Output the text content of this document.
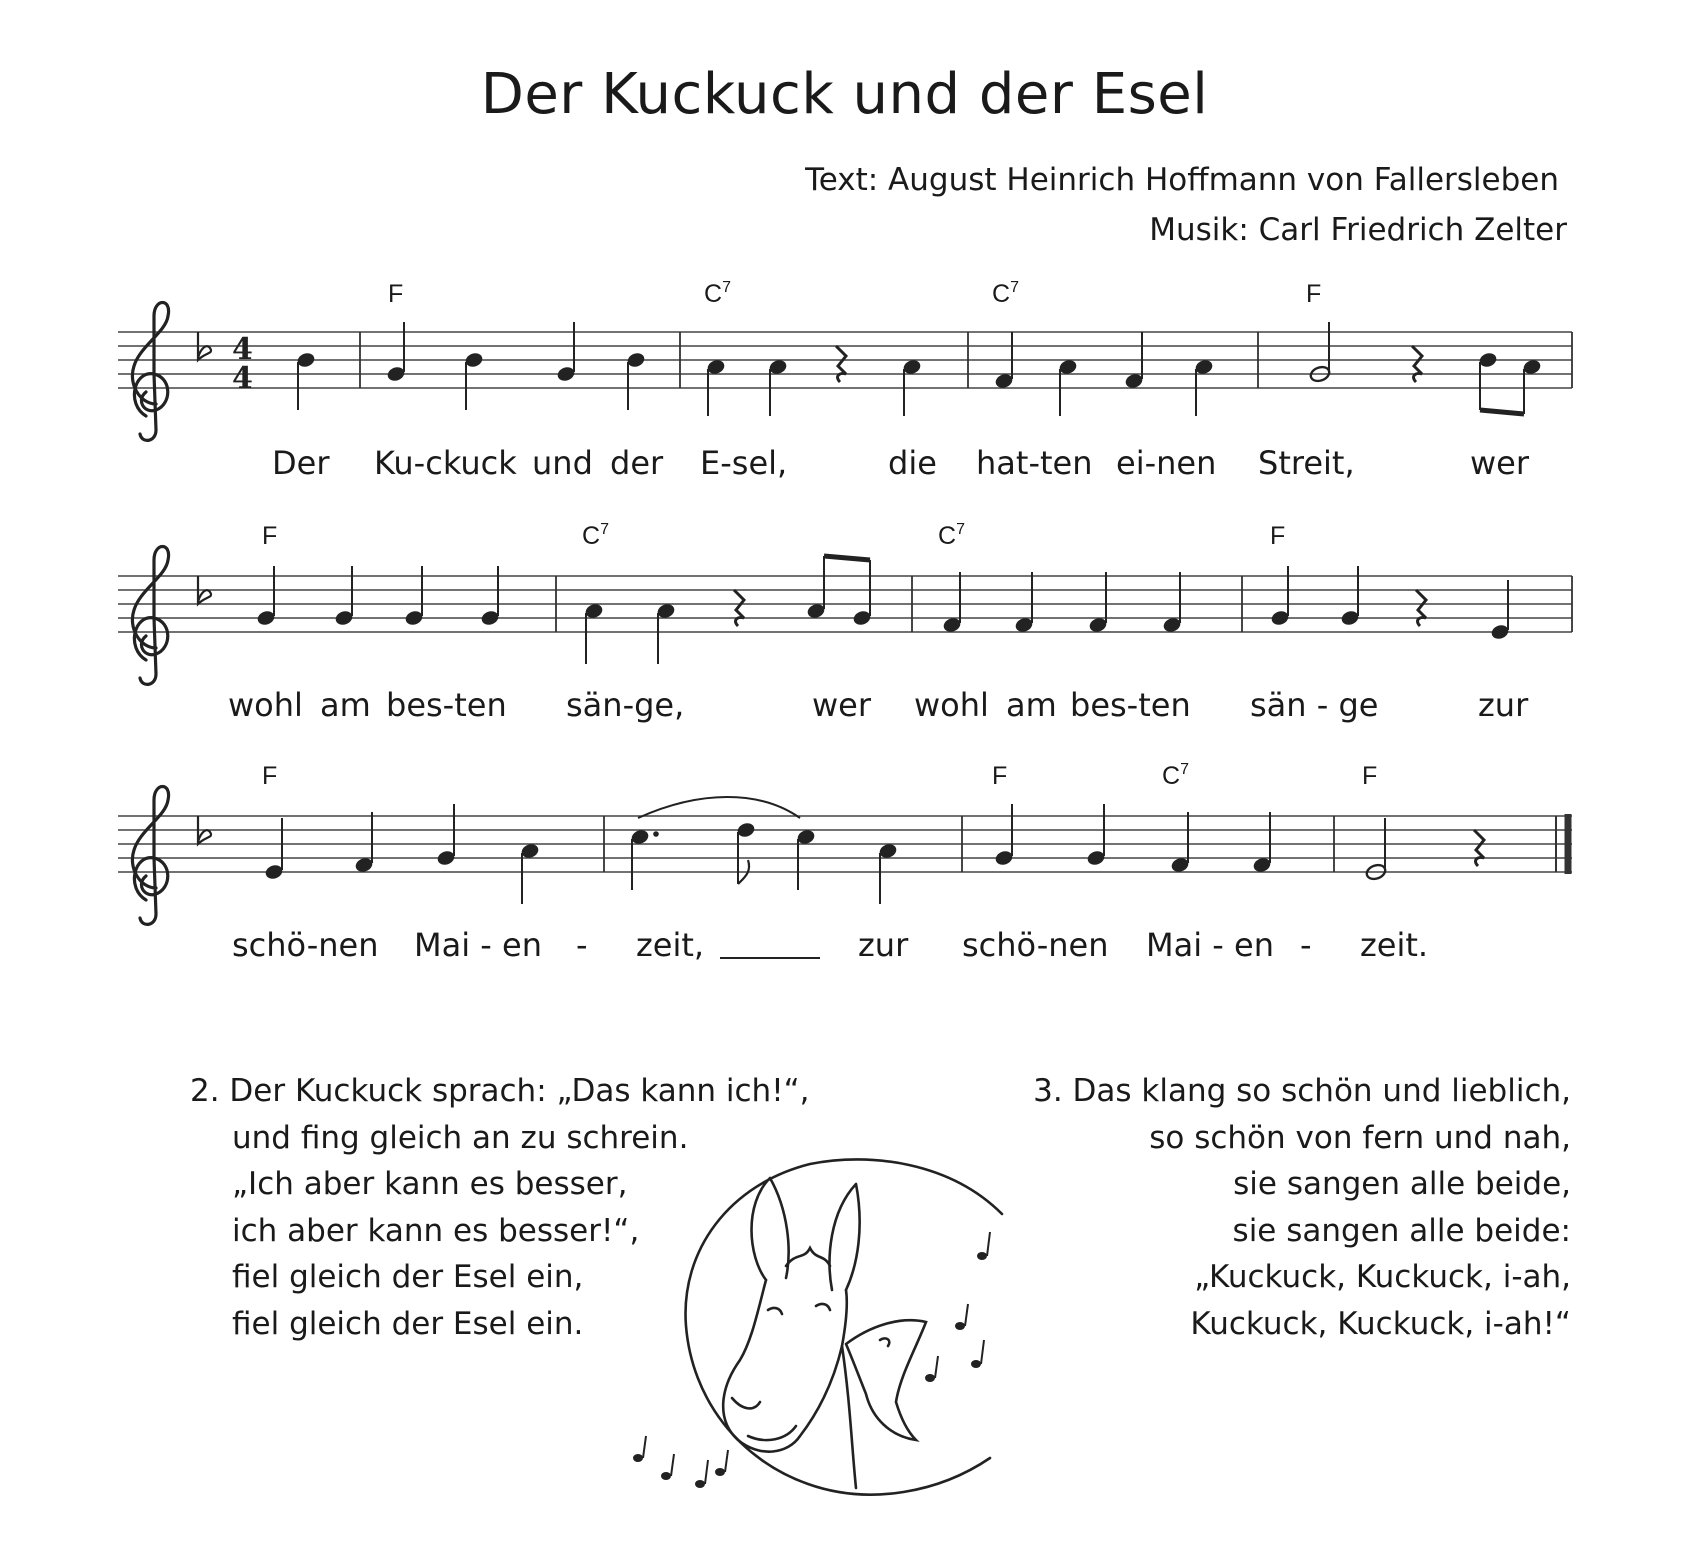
Der Kuckuck und der Esel
Text: August Heinrich Hoffmann von Fallersleben
Musik: Carl Friedrich Zelter
4
4
F	$C^7$	$C^7$	F
Der Ku-ckuck und der E-sel,	die hat-ten ei-nen Streit,	wer
F	$C^7$	$C^7$	F
wohl am bes-ten sän-ge,	wer wohl am bes-ten sän - ge	zur
F	F	$C^7$	F
schö-nen Mai - en - zeit,	zur schö-nen Mai - en - zeit.
2. Der Kuckuck sprach: „Das kann ich!“,
und fing gleich an zu schrein.
„Ich aber kann es besser,
ich aber kann es besser!“,
fiel gleich der Esel ein,
fiel gleich der Esel ein.
3. Das klang so schön und lieblich,
so schön von fern und nah,
sie sangen alle beide,
sie sangen alle beide:
„Kuckuck, Kuckuck, i-ah,
Kuckuck, Kuckuck, i-ah!“
